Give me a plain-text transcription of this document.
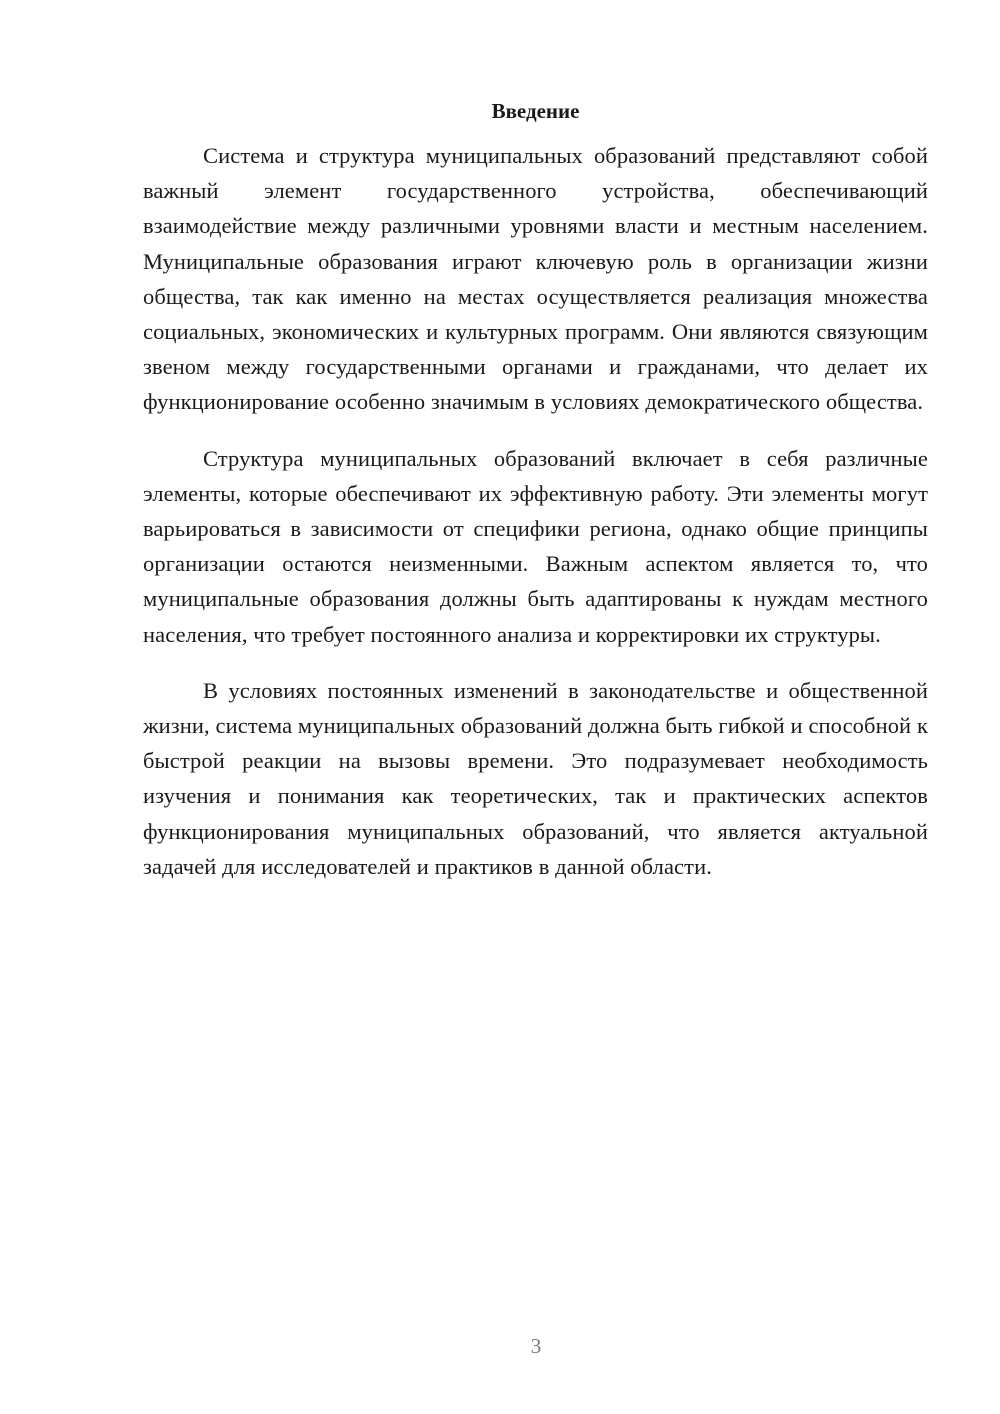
Введение

Система и структура муниципальных образований представляют собой важный элемент государственного устройства, обеспечивающий взаимодействие между различными уровнями власти и местным населением. Муниципальные образования играют ключевую роль в организации жизни общества, так как именно на местах осуществляется реализация множества социальных, экономических и культурных программ. Они являются связующим звеном между государственными органами и гражданами, что делает их функционирование особенно значимым в условиях демократического общества.

Структура муниципальных образований включает в себя различные элементы, которые обеспечивают их эффективную работу. Эти элементы могут варьироваться в зависимости от специфики региона, однако общие принципы организации остаются неизменными. Важным аспектом является то, что муниципальные образования должны быть адаптированы к нуждам местного населения, что требует постоянного анализа и корректировки их структуры.

В условиях постоянных изменений в законодательстве и общественной жизни, система муниципальных образований должна быть гибкой и способной к быстрой реакции на вызовы времени. Это подразумевает необходимость изучения и понимания как теоретических, так и практических аспектов функционирования муниципальных образований, что является актуальной задачей для исследователей и практиков в данной области.

3
